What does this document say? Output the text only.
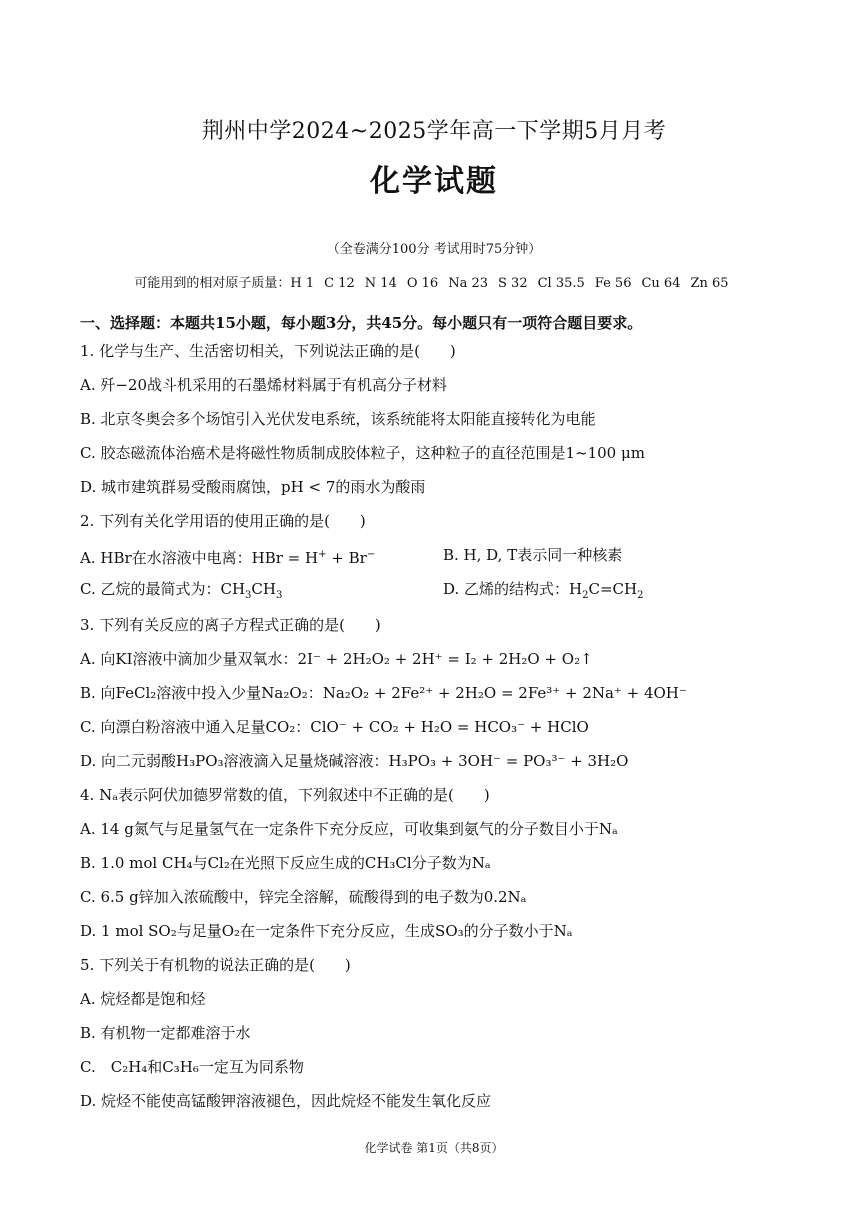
荆州中学2024~2025学年高一下学期5月月考
化学试题
（全卷满分100分 考试用时75分钟）
可能用到的相对原子质量：H 1 C 12 N 14 O 16 Na 23 S 32 Cl 35.5 Fe 56 Cu 64 Zn 65
一、选择题：本题共15小题，每小题3分，共45分。每小题只有一项符合题目要求。
1. 化学与生产、生活密切相关，下列说法正确的是(　　)
A. 歼−20战斗机采用的石墨烯材料属于有机高分子材料
B. 北京冬奥会多个场馆引入光伏发电系统，该系统能将太阳能直接转化为电能
C. 胶态磁流体治癌术是将磁性物质制成胶体粒子，这种粒子的直径范围是1~100 μm
D. 城市建筑群易受酸雨腐蚀，pH < 7的雨水为酸雨
2. 下列有关化学用语的使用正确的是(　　)
A. HBr在水溶液中电离：HBr = H+ + Br−	B. H, D, T表示同一种核素
C. 乙烷的最简式为：$CH_3CH_3$	D. 乙烯的结构式：$H_2C=CH_2$
3. 下列有关反应的离子方程式正确的是(　　)
A. 向KI溶液中滴加少量双氧水：2I⁻ + 2H₂O₂ + 2H⁺ = I₂ + 2H₂O + O₂↑
B. 向FeCl₂溶液中投入少量Na₂O₂：Na₂O₂ + 2Fe²⁺ + 2H₂O = 2Fe³⁺ + 2Na⁺ + 4OH⁻
C. 向漂白粉溶液中通入足量CO₂：ClO⁻ + CO₂ + H₂O = HCO₃⁻ + HClO
D. 向二元弱酸H₃PO₃溶液滴入足量烧碱溶液：H₃PO₃ + 3OH⁻ = PO₃³⁻ + 3H₂O
4. Nₐ表示阿伏加德罗常数的值，下列叙述中不正确的是(　　)
A. 14 g氮气与足量氢气在一定条件下充分反应，可收集到氨气的分子数目小于Nₐ
B. 1.0 mol CH₄与Cl₂在光照下反应生成的CH₃Cl分子数为Nₐ
C. 6.5 g锌加入浓硫酸中，锌完全溶解，硫酸得到的电子数为0.2Nₐ
D. 1 mol SO₂与足量O₂在一定条件下充分反应，生成SO₃的分子数小于Nₐ
5. 下列关于有机物的说法正确的是(　　)
A. 烷烃都是饱和烃
B. 有机物一定都难溶于水
C.　C₂H₄和C₃H₆一定互为同系物
D. 烷烃不能使高锰酸钾溶液褪色，因此烷烃不能发生氧化反应
化学试卷 第1页（共8页）
